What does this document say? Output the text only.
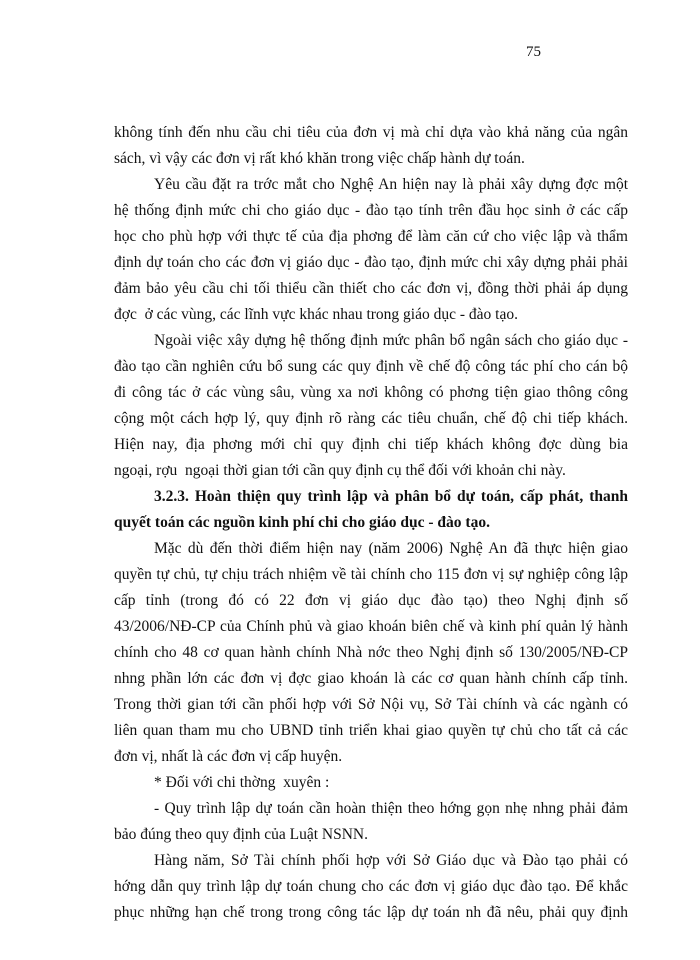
75
không tính đến nhu cầu chi tiêu của đơn vị mà chỉ dựa vào khả năng của ngân
sách, vì vậy các đơn vị rất khó khăn trong việc chấp hành dự toán.
Yêu cầu đặt ra trớc mắt cho Nghệ An hiện nay là phải xây dựng đợc một
hệ thống định mức chi cho giáo dục - đào tạo tính trên đầu học sinh ở các cấp
học cho phù hợp với thực tế của địa phơng để làm căn cứ cho việc lập và thẩm
định dự toán cho các đơn vị giáo dục - đào tạo, định mức chi xây dựng phải phải
đảm bảo yêu cầu chi tối thiểu cần thiết cho các đơn vị, đồng thời phải áp dụng
đợc  ở các vùng, các lĩnh vực khác nhau trong giáo dục - đào tạo.
Ngoài việc xây dựng hệ thống định mức phân bổ ngân sách cho giáo dục -
đào tạo cần nghiên cứu bổ sung các quy định về chế độ công tác phí cho cán bộ
đi công tác ở các vùng sâu, vùng xa nơi không có phơng tiện giao thông công
cộng một cách hợp lý, quy định rõ ràng các tiêu chuẩn, chế độ chi tiếp khách.
Hiện nay, địa phơng mới chỉ quy định chi tiếp khách không đợc dùng bia
ngoại, rợu  ngoại thời gian tới cần quy định cụ thể đối với khoản chi này.
3.2.3. Hoàn thiện quy trình lập và phân bổ dự toán, cấp phát, thanh
quyết toán các nguồn kinh phí chi cho giáo dục - đào tạo.
Mặc dù đến thời điểm hiện nay (năm 2006) Nghệ An đã thực hiện giao
quyền tự chủ, tự chịu trách nhiệm về tài chính cho 115 đơn vị sự nghiệp công lập
cấp tỉnh (trong đó có 22 đơn vị giáo dục đào tạo) theo Nghị định số
43/2006/NĐ-CP của Chính phủ và giao khoán biên chế và kinh phí quản lý hành
chính cho 48 cơ quan hành chính Nhà nớc theo Nghị định số 130/2005/NĐ-CP
nhng phần lớn các đơn vị đợc giao khoán là các cơ quan hành chính cấp tỉnh.
Trong thời gian tới cần phối hợp với Sở Nội vụ, Sở Tài chính và các ngành có
liên quan tham mu cho UBND tỉnh triển khai giao quyền tự chủ cho tất cả các
đơn vị, nhất là các đơn vị cấp huyện.
* Đối với chi thờng  xuyên :
- Quy trình lập dự toán cần hoàn thiện theo hớng gọn nhẹ nhng phải đảm
bảo đúng theo quy định của Luật NSNN.
Hàng năm, Sở Tài chính phối hợp với Sở Giáo dục và Đào tạo phải có
hớng dẫn quy trình lập dự toán chung cho các đơn vị giáo dục đào tạo. Để khắc
phục những hạn chế trong trong công tác lập dự toán nh đã nêu, phải quy định
